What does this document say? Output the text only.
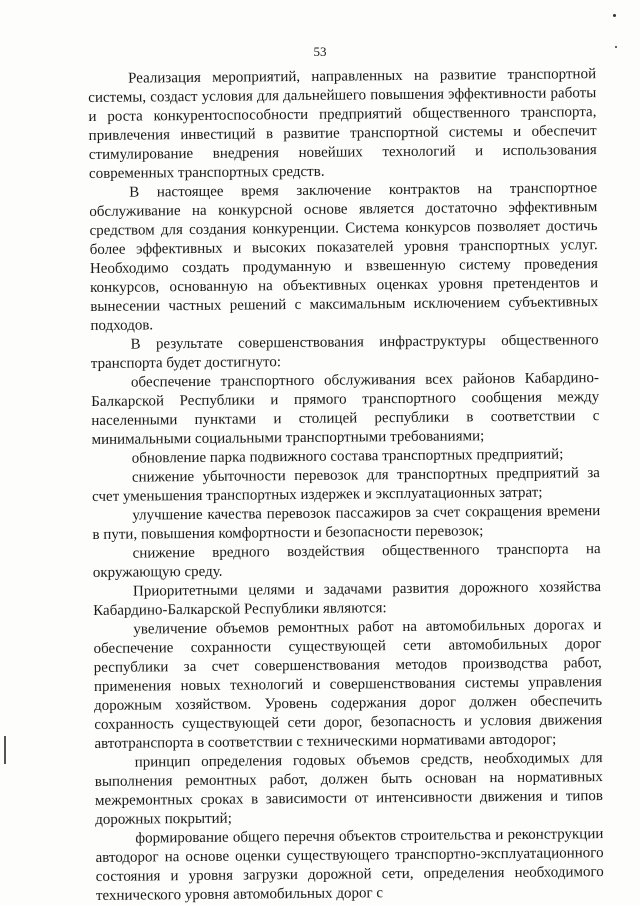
53

Реализация мероприятий, направленных на развитие транспортной системы, создаст условия для дальнейшего повышения эффективности работы и роста конкурентоспособности предприятий общественного транспорта, привлечения инвестиций в развитие транспортной системы и обеспечит стимулирование внедрения новейших технологий и использования современных транспортных средств.

В настоящее время заключение контрактов на транспортное обслуживание на конкурсной основе является достаточно эффективным средством для создания конкуренции. Система конкурсов позволяет достичь более эффективных и высоких показателей уровня транспортных услуг. Необходимо создать продуманную и взвешенную систему проведения конкурсов, основанную на объективных оценках уровня претендентов и вынесении частных решений с максимальным исключением субъективных подходов.

В результате совершенствования инфраструктуры общественного транспорта будет достигнуто:

обеспечение транспортного обслуживания всех районов Кабардино-Балкарской Республики и прямого транспортного сообщения между населенными пунктами и столицей республики в соответствии с минимальными социальными транспортными требованиями;

обновление парка подвижного состава транспортных предприятий;

снижение убыточности перевозок для транспортных предприятий за счет уменьшения транспортных издержек и эксплуатационных затрат;

улучшение качества перевозок пассажиров за счет сокращения времени в пути, повышения комфортности и безопасности перевозок;

снижение вредного воздействия общественного транспорта на окружающую среду.

Приоритетными целями и задачами развития дорожного хозяйства Кабардино-Балкарской Республики являются:

увеличение объемов ремонтных работ на автомобильных дорогах и обеспечение сохранности существующей сети автомобильных дорог республики за счет совершенствования методов производства работ, применения новых технологий и совершенствования системы управления дорожным хозяйством. Уровень содержания дорог должен обеспечить сохранность существующей сети дорог, безопасность и условия движения автотранспорта в соответствии с техническими нормативами автодорог;

принцип определения годовых объемов средств, необходимых для выполнения ремонтных работ, должен быть основан на нормативных межремонтных сроках в зависимости от интенсивности движения и типов дорожных покрытий;

формирование общего перечня объектов строительства и реконструкции автодорог на основе оценки существующего транспортно-эксплуатационного состояния и уровня загрузки дорожной сети, определения необходимого технического уровня автомобильных дорог с
